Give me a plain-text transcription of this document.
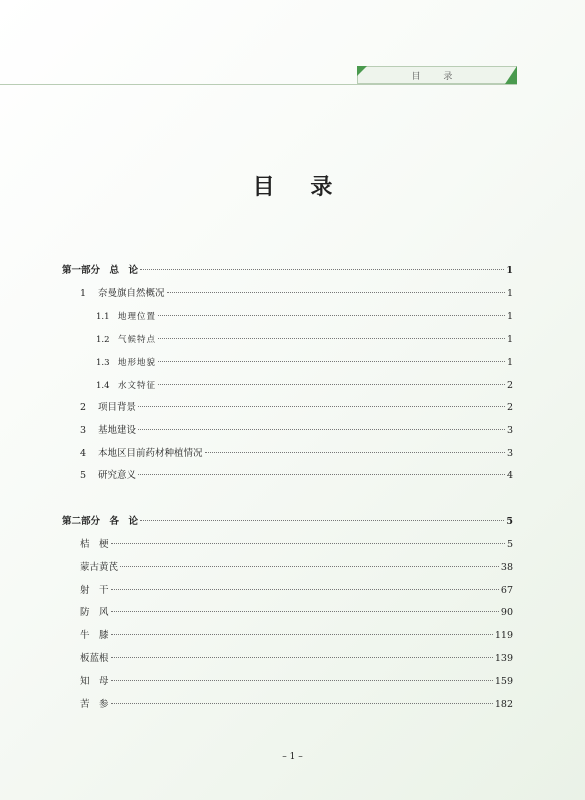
目 录
目 录
第一部分　总　论	1
1	奈曼旗自然概况	1
1.1 地理位置	1
1.2 气候特点	1
1.3 地形地貌	1
1.4 水文特征	2
2	项目背景	2
3	基地建设	3
4	本地区目前药材种植情况	3
5	研究意义	4
第二部分　各　论	5
桔　梗	5
蒙古黄芪	38
射　干	67
防　风	90
牛　膝	119
板蓝根	139
知　母	159
苦　参	182
– 1 –
